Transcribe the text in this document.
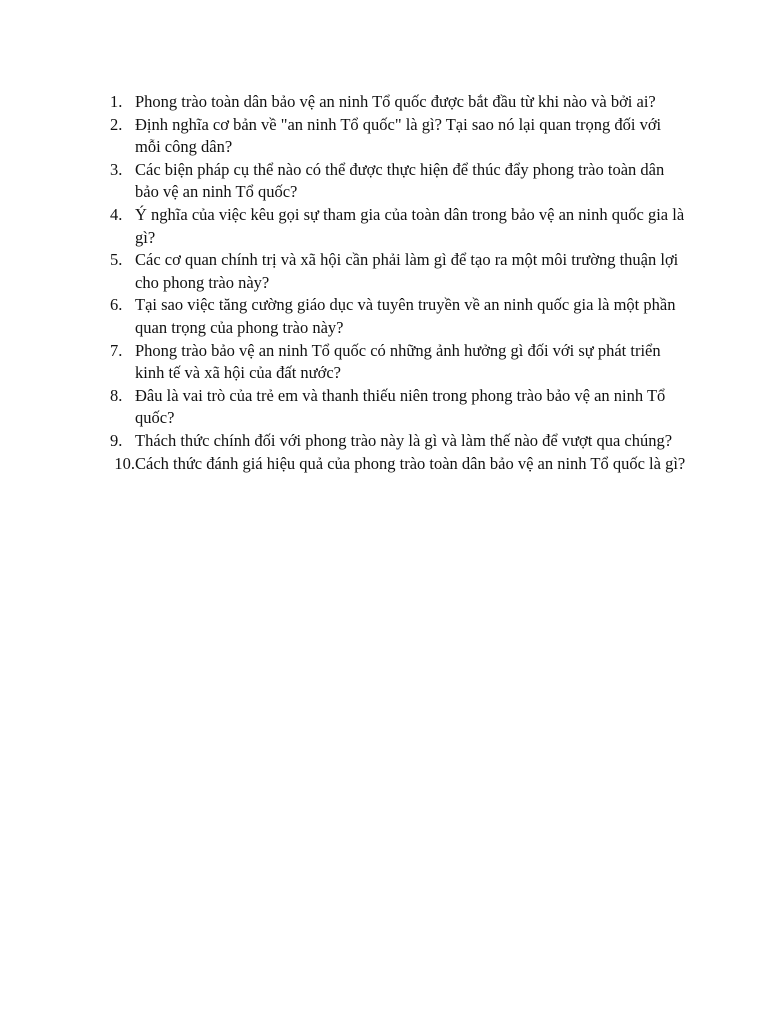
1. Phong trào toàn dân bảo vệ an ninh Tổ quốc được bắt đầu từ khi nào và bởi ai?
2. Định nghĩa cơ bản về "an ninh Tổ quốc" là gì? Tại sao nó lại quan trọng đối với mỗi công dân?
3. Các biện pháp cụ thể nào có thể được thực hiện để thúc đẩy phong trào toàn dân bảo vệ an ninh Tổ quốc?
4. Ý nghĩa của việc kêu gọi sự tham gia của toàn dân trong bảo vệ an ninh quốc gia là gì?
5. Các cơ quan chính trị và xã hội cần phải làm gì để tạo ra một môi trường thuận lợi cho phong trào này?
6. Tại sao việc tăng cường giáo dục và tuyên truyền về an ninh quốc gia là một phần quan trọng của phong trào này?
7. Phong trào bảo vệ an ninh Tổ quốc có những ảnh hưởng gì đối với sự phát triển kinh tế và xã hội của đất nước?
8. Đâu là vai trò của trẻ em và thanh thiếu niên trong phong trào bảo vệ an ninh Tổ quốc?
9. Thách thức chính đối với phong trào này là gì và làm thế nào để vượt qua chúng?
10. Cách thức đánh giá hiệu quả của phong trào toàn dân bảo vệ an ninh Tổ quốc là gì?
